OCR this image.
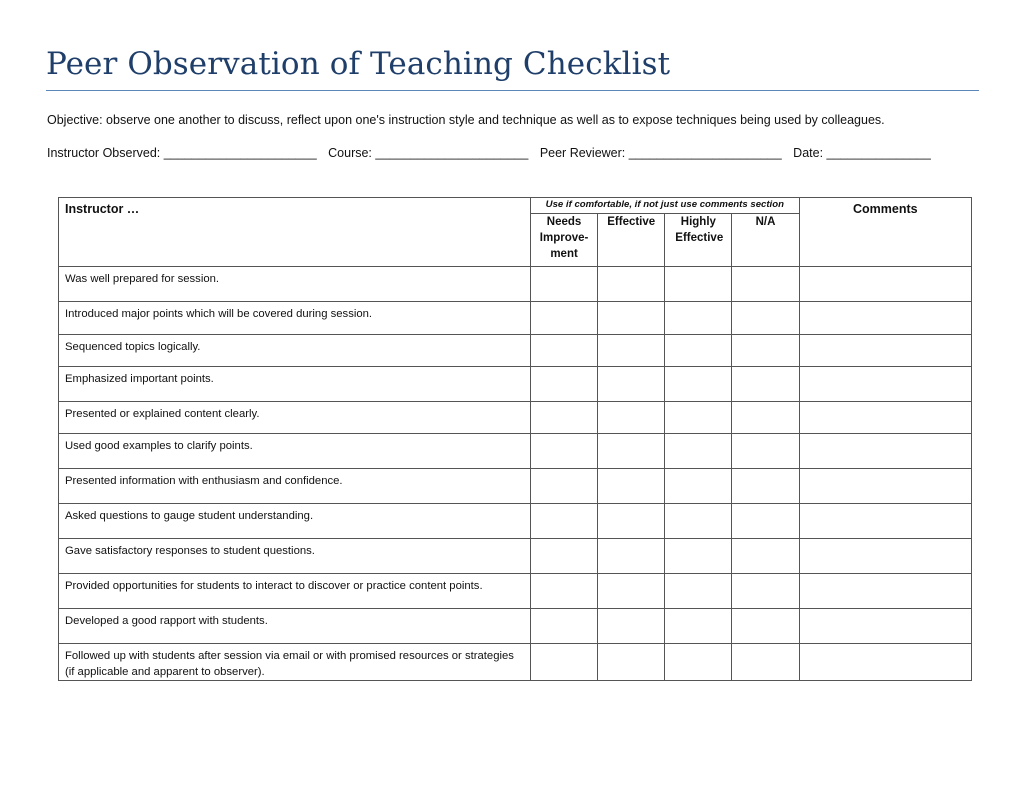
Peer Observation of Teaching Checklist
Objective: observe one another to discuss, reflect upon one's instruction style and technique as well as to expose techniques being used by colleagues.
Instructor Observed: ______________________ Course: ______________________ Peer Reviewer: ______________________ Date: _______________
Instructor …	Use if comfortable, if not just use comments section				Comments
	Needs Improve-ment	Effective	Highly Effective	N/A	
Was well prepared for session.					
Introduced major points which will be covered during session.					
Sequenced topics logically.					
Emphasized important points.					
Presented or explained content clearly.					
Used good examples to clarify points.					
Presented information with enthusiasm and confidence.					
Asked questions to gauge student understanding.					
Gave satisfactory responses to student questions.					
Provided opportunities for students to interact to discover or practice content points.					
Developed a good rapport with students.					
Followed up with students after session via email or with promised resources or strategies (if applicable and apparent to observer).					
